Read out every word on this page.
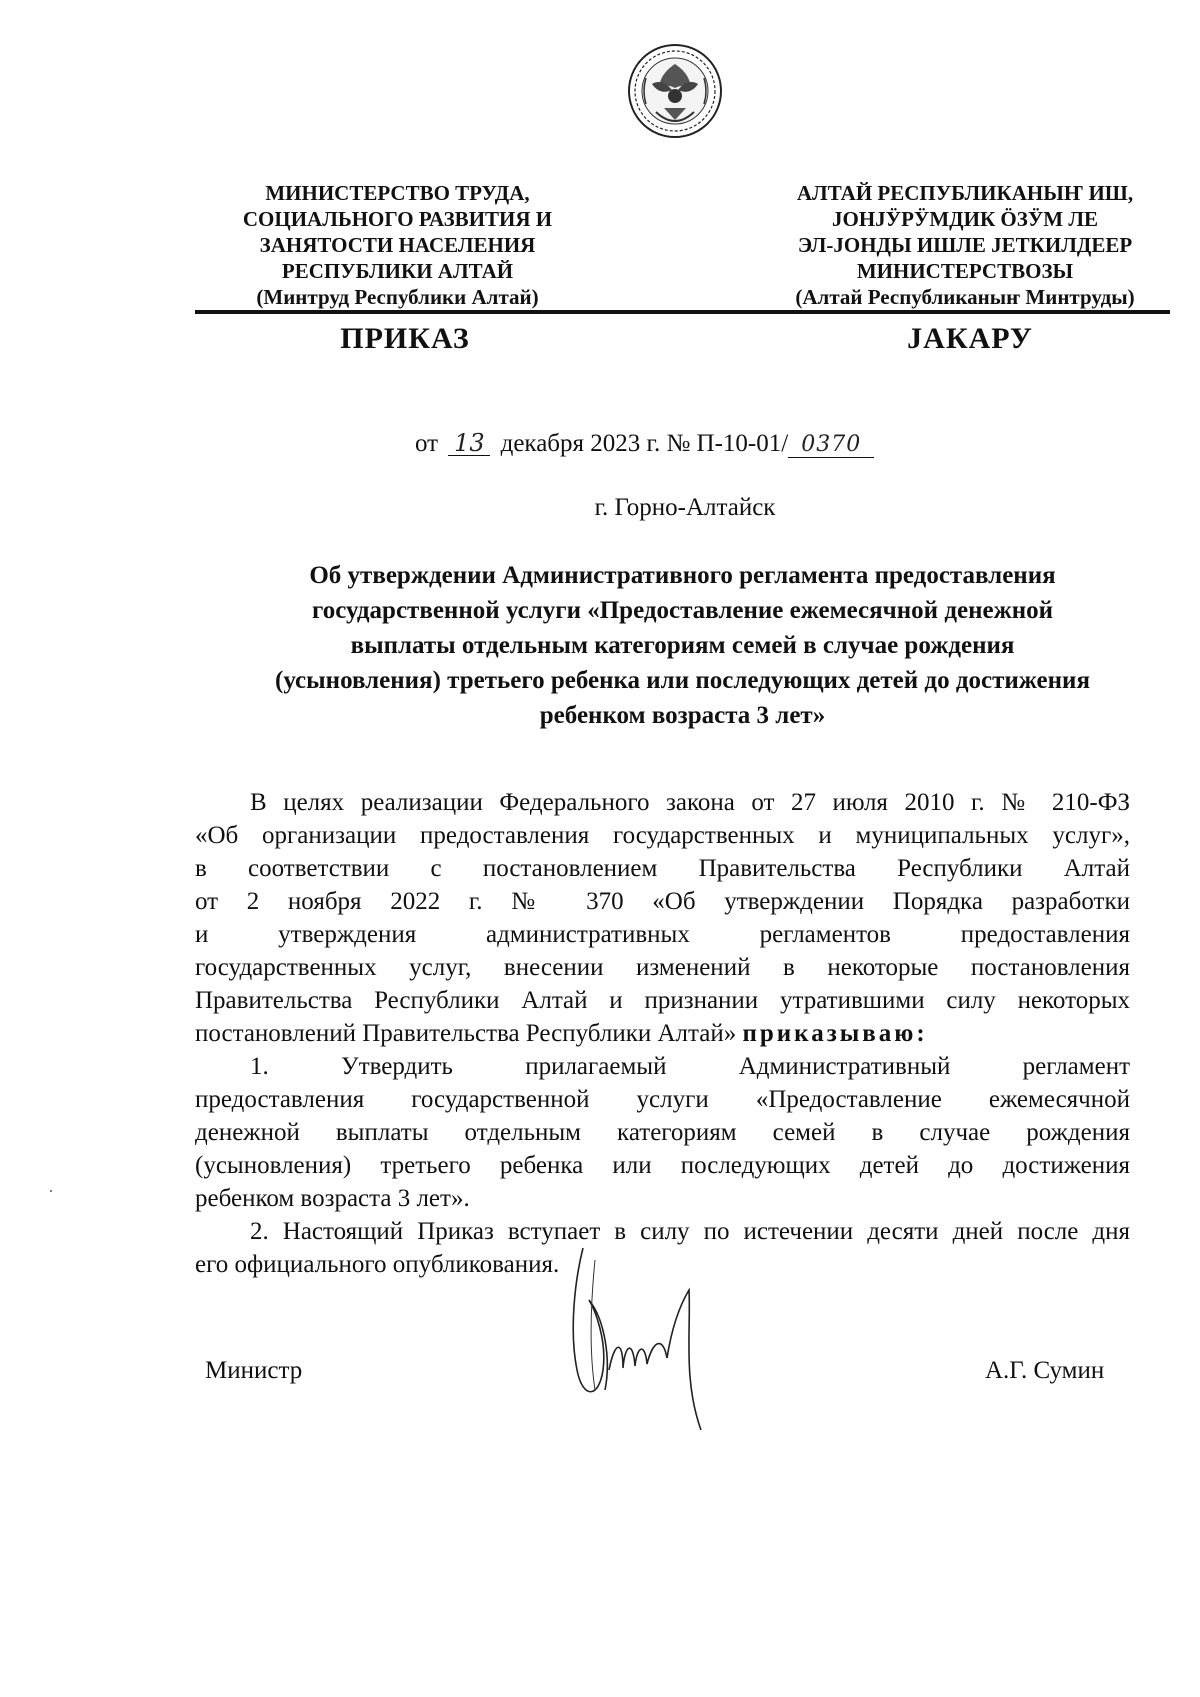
МИНИСТЕРСТВО ТРУДА,
СОЦИАЛЬНОГО РАЗВИТИЯ И
ЗАНЯТОСТИ НАСЕЛЕНИЯ
РЕСПУБЛИКИ АЛТАЙ
(Минтруд Республики Алтай)
АЛТАЙ РЕСПУБЛИКАНЫҤ ИШ,
JОНJӰРӰМДИК ӦЗӰМ ЛЕ
ЭЛ-JОНДЫ ИШЛЕ JЕТКИЛДЕЕР
МИНИСТЕРСТВОЗЫ
(Алтай Республиканыҥ Минтруды)
ПРИКАЗ	JАКАРУ
от 13 декабря 2023 г. № П-10-01/ 0370
г. Горно-Алтайск
Об утверждении Административного регламента предоставления
государственной услуги «Предоставление ежемесячной денежной
выплаты отдельным категориям семей в случае рождения
(усыновления) третьего ребенка или последующих детей до достижения
ребенком возраста 3 лет»
В целях реализации Федерального закона от 27 июля 2010 г. № 210-ФЗ
«Об организации предоставления государственных и муниципальных услуг»,
в соответствии с постановлением Правительства Республики Алтай
от 2 ноября 2022 г. № 370 «Об утверждении Порядка разработки
и утверждения административных регламентов предоставления
государственных услуг, внесении изменений в некоторые постановления
Правительства Республики Алтай и признании утратившими силу некоторых
постановлений Правительства Республики Алтай» приказываю:
1. Утвердить прилагаемый Административный регламент
предоставления государственной услуги «Предоставление ежемесячной
денежной выплаты отдельным категориям семей в случае рождения
(усыновления) третьего ребенка или последующих детей до достижения
ребенком возраста 3 лет».
2. Настоящий Приказ вступает в силу по истечении десяти дней после дня
его официального опубликования.
Министр	А.Г. Сумин
